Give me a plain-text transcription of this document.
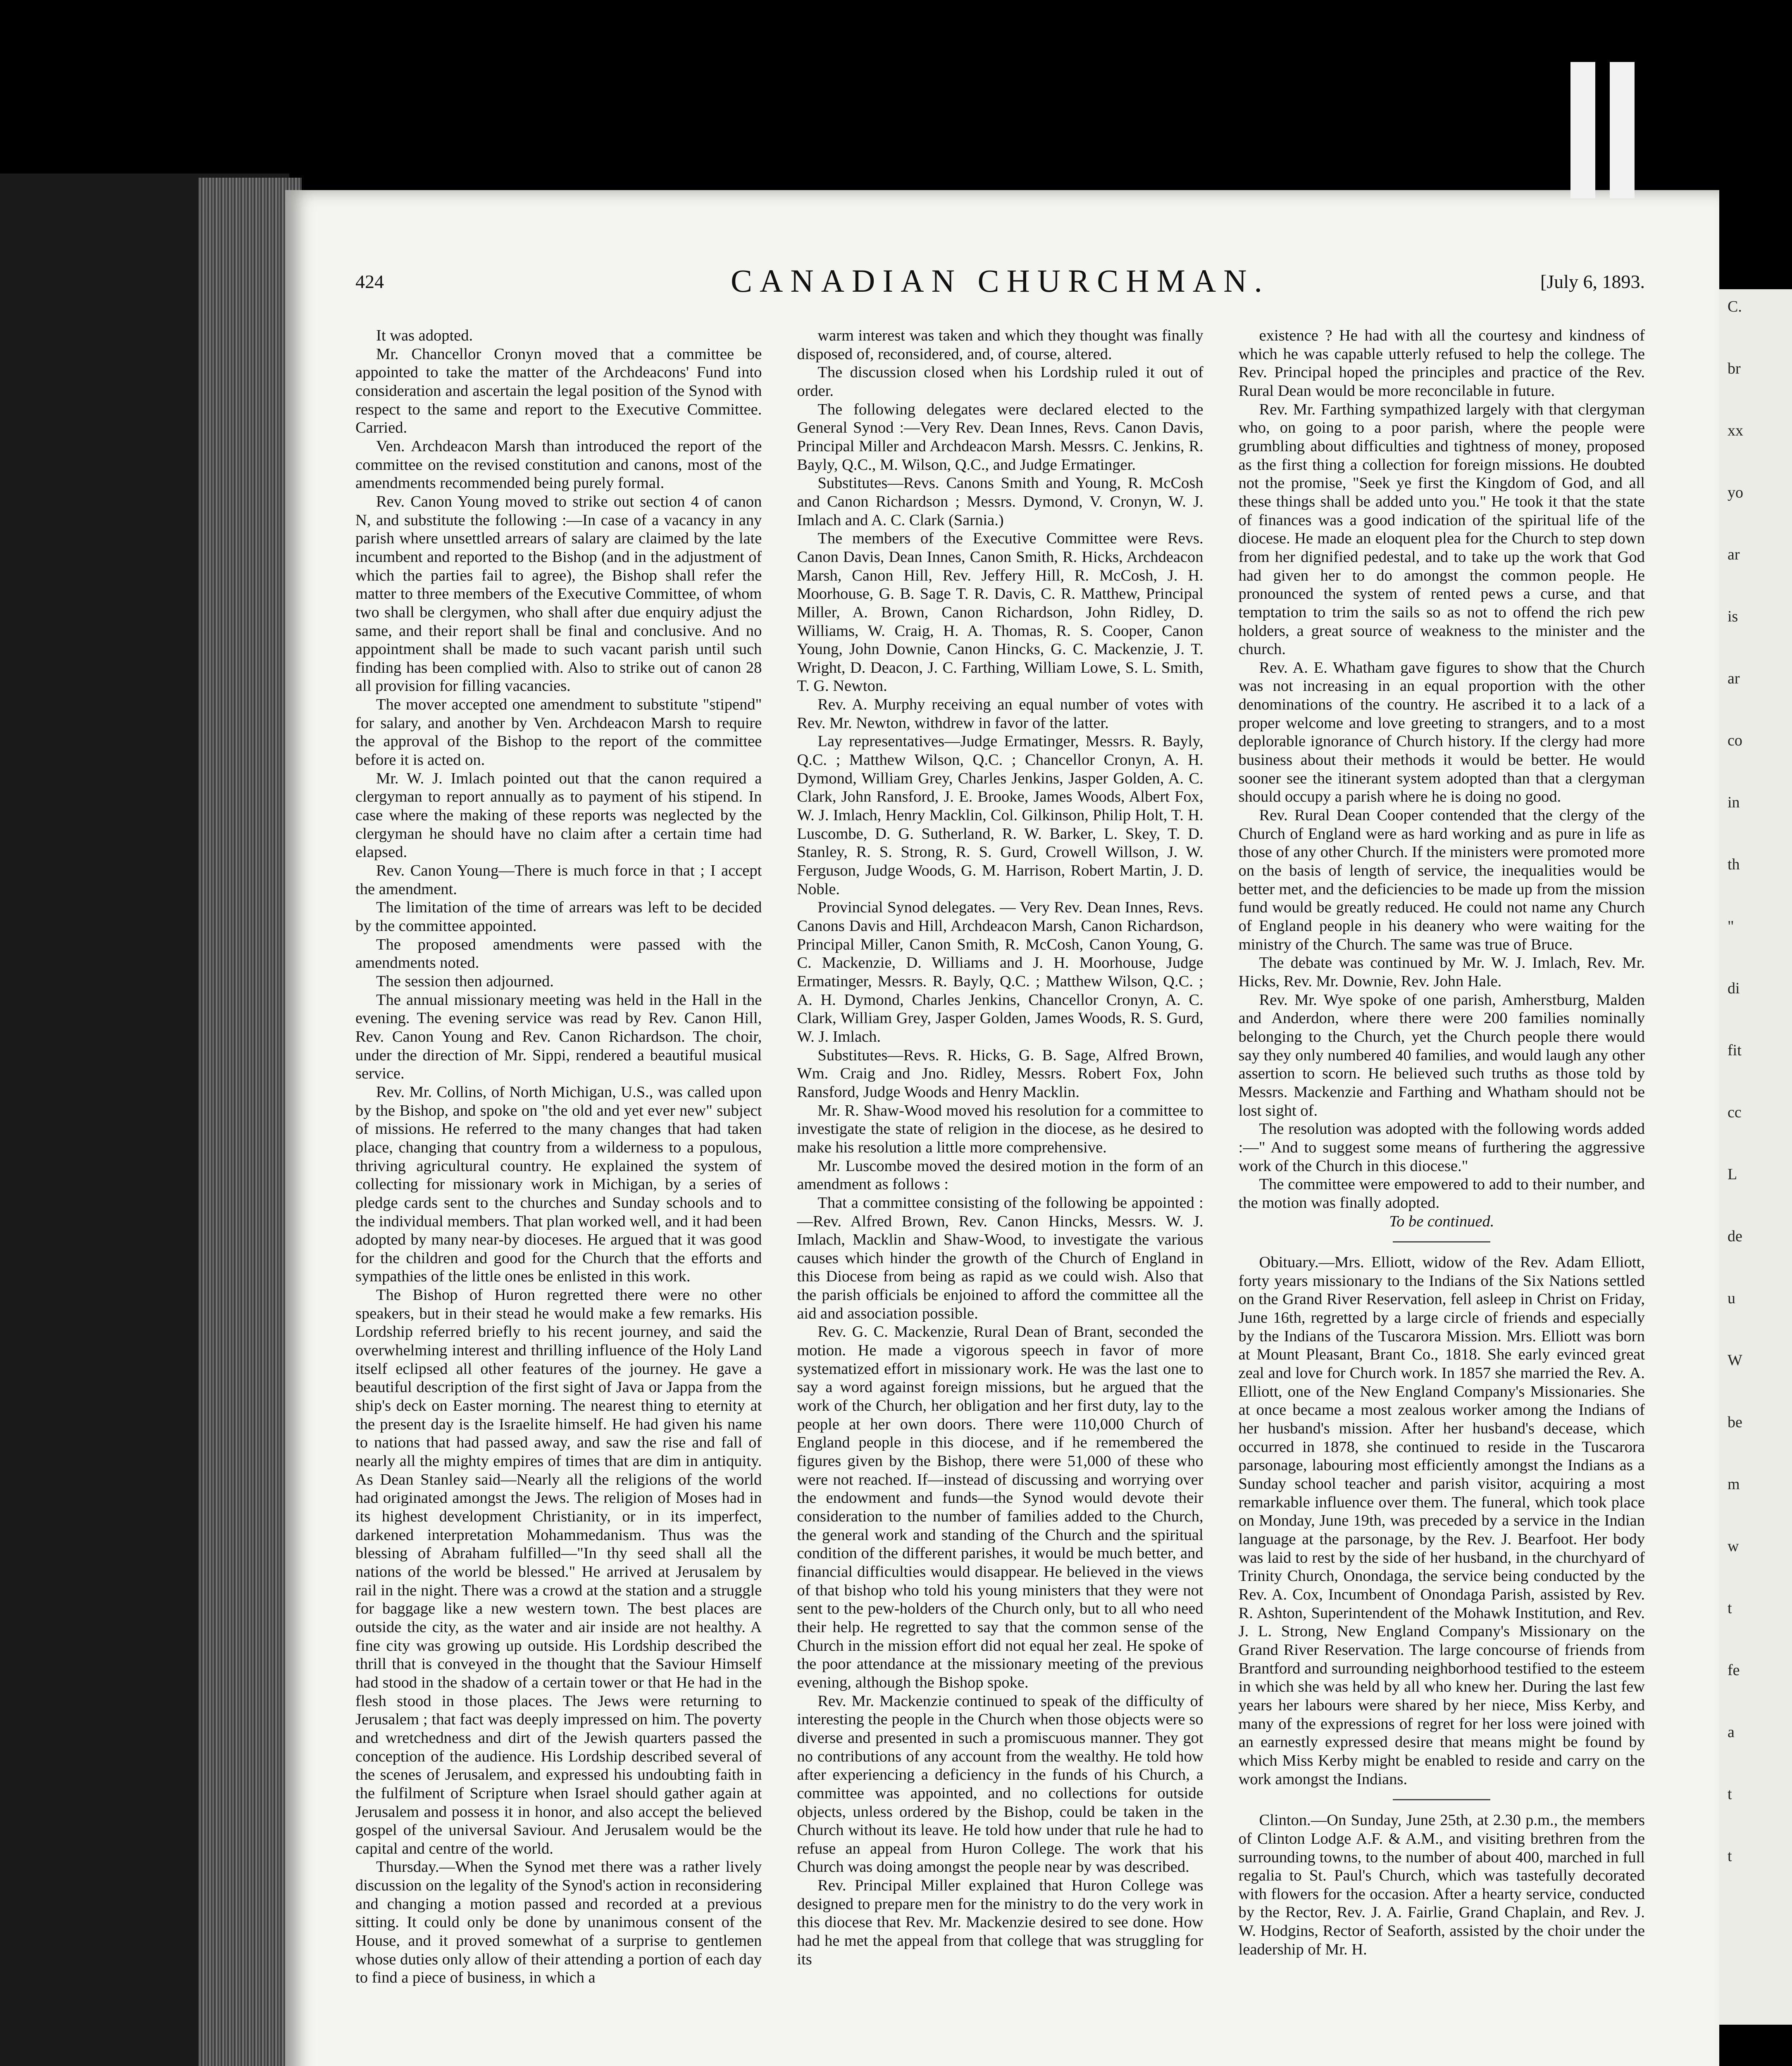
424	CANADIAN CHURCHMAN.	[July 6, 1893.

It was adopted.

Mr. Chancellor Cronyn moved that a committee be appointed to take the matter of the Archdeacons' Fund into consideration and ascertain the legal position of the Synod with respect to the same and report to the Executive Committee. Carried.

Ven. Archdeacon Marsh than introduced the report of the committee on the revised constitution and canons, most of the amendments recommended being purely formal.

Rev. Canon Young moved to strike out section 4 of canon N, and substitute the following :—In case of a vacancy in any parish where unsettled arrears of salary are claimed by the late incumbent and reported to the Bishop (and in the adjustment of which the parties fail to agree), the Bishop shall refer the matter to three members of the Executive Committee, of whom two shall be clergymen, who shall after due enquiry adjust the same, and their report shall be final and conclusive. And no appointment shall be made to such vacant parish until such finding has been complied with. Also to strike out of canon 28 all provision for filling vacancies.

The mover accepted one amendment to substitute "stipend" for salary, and another by Ven. Archdeacon Marsh to require the approval of the Bishop to the report of the committee before it is acted on.

Mr. W. J. Imlach pointed out that the canon required a clergyman to report annually as to payment of his stipend. In case where the making of these reports was neglected by the clergyman he should have no claim after a certain time had elapsed.

Rev. Canon Young—There is much force in that ; I accept the amendment.

The limitation of the time of arrears was left to be decided by the committee appointed.

The proposed amendments were passed with the amendments noted.

The session then adjourned.

The annual missionary meeting was held in the Hall in the evening. The evening service was read by Rev. Canon Hill, Rev. Canon Young and Rev. Canon Richardson. The choir, under the direction of Mr. Sippi, rendered a beautiful musical service.

Rev. Mr. Collins, of North Michigan, U.S., was called upon by the Bishop, and spoke on "the old and yet ever new" subject of missions. He referred to the many changes that had taken place, changing that country from a wilderness to a populous, thriving agricultural country. He explained the system of collecting for missionary work in Michigan, by a series of pledge cards sent to the churches and Sunday schools and to the individual members. That plan worked well, and it had been adopted by many near-by dioceses. He argued that it was good for the children and good for the Church that the efforts and sympathies of the little ones be enlisted in this work.

The Bishop of Huron regretted there were no other speakers, but in their stead he would make a few remarks. His Lordship referred briefly to his recent journey, and said the overwhelming interest and thrilling influence of the Holy Land itself eclipsed all other features of the journey. He gave a beautiful description of the first sight of Java or Jappa from the ship's deck on Easter morning. The nearest thing to eternity at the present day is the Israelite himself. He had given his name to nations that had passed away, and saw the rise and fall of nearly all the mighty empires of times that are dim in antiquity. As Dean Stanley said—Nearly all the religions of the world had originated amongst the Jews. The religion of Moses had in its highest development Christianity, or in its imperfect, darkened interpretation Mohammedanism. Thus was the blessing of Abraham fulfilled—"In thy seed shall all the nations of the world be blessed." He arrived at Jerusalem by rail in the night. There was a crowd at the station and a struggle for baggage like a new western town. The best places are outside the city, as the water and air inside are not healthy. A fine city was growing up outside. His Lordship described the thrill that is conveyed in the thought that the Saviour Himself had stood in the shadow of a certain tower or that He had in the flesh stood in those places. The Jews were returning to Jerusalem ; that fact was deeply impressed on him. The poverty and wretchedness and dirt of the Jewish quarters passed the conception of the audience. His Lordship described several of the scenes of Jerusalem, and expressed his undoubting faith in the fulfilment of Scripture when Israel should gather again at Jerusalem and possess it in honor, and also accept the believed gospel of the universal Saviour. And Jerusalem would be the capital and centre of the world.

Thursday.—When the Synod met there was a rather lively discussion on the legality of the Synod's action in reconsidering and changing a motion passed and recorded at a previous sitting. It could only be done by unanimous consent of the House, and it proved somewhat of a surprise to gentlemen whose duties only allow of their attending a portion of each day to find a piece of business, in which a

warm interest was taken and which they thought was finally disposed of, reconsidered, and, of course, altered.

The discussion closed when his Lordship ruled it out of order.

The following delegates were declared elected to the General Synod :—Very Rev. Dean Innes, Revs. Canon Davis, Principal Miller and Archdeacon Marsh. Messrs. C. Jenkins, R. Bayly, Q.C., M. Wilson, Q.C., and Judge Ermatinger.

Substitutes—Revs. Canons Smith and Young, R. McCosh and Canon Richardson ; Messrs. Dymond, V. Cronyn, W. J. Imlach and A. C. Clark (Sarnia.)

The members of the Executive Committee were Revs. Canon Davis, Dean Innes, Canon Smith, R. Hicks, Archdeacon Marsh, Canon Hill, Rev. Jeffery Hill, R. McCosh, J. H. Moorhouse, G. B. Sage T. R. Davis, C. R. Matthew, Principal Miller, A. Brown, Canon Richardson, John Ridley, D. Williams, W. Craig, H. A. Thomas, R. S. Cooper, Canon Young, John Downie, Canon Hincks, G. C. Mackenzie, J. T. Wright, D. Deacon, J. C. Farthing, William Lowe, S. L. Smith, T. G. Newton.

Rev. A. Murphy receiving an equal number of votes with Rev. Mr. Newton, withdrew in favor of the latter.

Lay representatives—Judge Ermatinger, Messrs. R. Bayly, Q.C. ; Matthew Wilson, Q.C. ; Chancellor Cronyn, A. H. Dymond, William Grey, Charles Jenkins, Jasper Golden, A. C. Clark, John Ransford, J. E. Brooke, James Woods, Albert Fox, W. J. Imlach, Henry Macklin, Col. Gilkinson, Philip Holt, T. H. Luscombe, D. G. Sutherland, R. W. Barker, L. Skey, T. D. Stanley, R. S. Strong, R. S. Gurd, Crowell Willson, J. W. Ferguson, Judge Woods, G. M. Harrison, Robert Martin, J. D. Noble.

Provincial Synod delegates. — Very Rev. Dean Innes, Revs. Canons Davis and Hill, Archdeacon Marsh, Canon Richardson, Principal Miller, Canon Smith, R. McCosh, Canon Young, G. C. Mackenzie, D. Williams and J. H. Moorhouse, Judge Ermatinger, Messrs. R. Bayly, Q.C. ; Matthew Wilson, Q.C. ; A. H. Dymond, Charles Jenkins, Chancellor Cronyn, A. C. Clark, William Grey, Jasper Golden, James Woods, R. S. Gurd, W. J. Imlach.

Substitutes—Revs. R. Hicks, G. B. Sage, Alfred Brown, Wm. Craig and Jno. Ridley, Messrs. Robert Fox, John Ransford, Judge Woods and Henry Macklin.

Mr. R. Shaw-Wood moved his resolution for a committee to investigate the state of religion in the diocese, as he desired to make his resolution a little more comprehensive.

Mr. Luscombe moved the desired motion in the form of an amendment as follows :

That a committee consisting of the following be appointed :—Rev. Alfred Brown, Rev. Canon Hincks, Messrs. W. J. Imlach, Macklin and Shaw-Wood, to investigate the various causes which hinder the growth of the Church of England in this Diocese from being as rapid as we could wish. Also that the parish officials be enjoined to afford the committee all the aid and association possible.

Rev. G. C. Mackenzie, Rural Dean of Brant, seconded the motion. He made a vigorous speech in favor of more systematized effort in missionary work. He was the last one to say a word against foreign missions, but he argued that the work of the Church, her obligation and her first duty, lay to the people at her own doors. There were 110,000 Church of England people in this diocese, and if he remembered the figures given by the Bishop, there were 51,000 of these who were not reached. If—instead of discussing and worrying over the endowment and funds—the Synod would devote their consideration to the number of families added to the Church, the general work and standing of the Church and the spiritual condition of the different parishes, it would be much better, and financial difficulties would disappear. He believed in the views of that bishop who told his young ministers that they were not sent to the pew-holders of the Church only, but to all who need their help. He regretted to say that the common sense of the Church in the mission effort did not equal her zeal. He spoke of the poor attendance at the missionary meeting of the previous evening, although the Bishop spoke.

Rev. Mr. Mackenzie continued to speak of the difficulty of interesting the people in the Church when those objects were so diverse and presented in such a promiscuous manner. They got no contributions of any account from the wealthy. He told how after experiencing a deficiency in the funds of his Church, a committee was appointed, and no collections for outside objects, unless ordered by the Bishop, could be taken in the Church without its leave. He told how under that rule he had to refuse an appeal from Huron College. The work that his Church was doing amongst the people near by was described.

Rev. Principal Miller explained that Huron College was designed to prepare men for the ministry to do the very work in this diocese that Rev. Mr. Mackenzie desired to see done. How had he met the appeal from that college that was struggling for its

existence ? He had with all the courtesy and kindness of which he was capable utterly refused to help the college. The Rev. Principal hoped the principles and practice of the Rev. Rural Dean would be more reconcilable in future.

Rev. Mr. Farthing sympathized largely with that clergyman who, on going to a poor parish, where the people were grumbling about difficulties and tightness of money, proposed as the first thing a collection for foreign missions. He doubted not the promise, "Seek ye first the Kingdom of God, and all these things shall be added unto you." He took it that the state of finances was a good indication of the spiritual life of the diocese. He made an eloquent plea for the Church to step down from her dignified pedestal, and to take up the work that God had given her to do amongst the common people. He pronounced the system of rented pews a curse, and that temptation to trim the sails so as not to offend the rich pew holders, a great source of weakness to the minister and the church.

Rev. A. E. Whatham gave figures to show that the Church was not increasing in an equal proportion with the other denominations of the country. He ascribed it to a lack of a proper welcome and love greeting to strangers, and to a most deplorable ignorance of Church history. If the clergy had more business about their methods it would be better. He would sooner see the itinerant system adopted than that a clergyman should occupy a parish where he is doing no good.

Rev. Rural Dean Cooper contended that the clergy of the Church of England were as hard working and as pure in life as those of any other Church. If the ministers were promoted more on the basis of length of service, the inequalities would be better met, and the deficiencies to be made up from the mission fund would be greatly reduced. He could not name any Church of England people in his deanery who were waiting for the ministry of the Church. The same was true of Bruce.

The debate was continued by Mr. W. J. Imlach, Rev. Mr. Hicks, Rev. Mr. Downie, Rev. John Hale.

Rev. Mr. Wye spoke of one parish, Amherstburg, Malden and Anderdon, where there were 200 families nominally belonging to the Church, yet the Church people there would say they only numbered 40 families, and would laugh any other assertion to scorn. He believed such truths as those told by Messrs. Mackenzie and Farthing and Whatham should not be lost sight of.

The resolution was adopted with the following words added :—" And to suggest some means of furthering the aggressive work of the Church in this diocese."

The committee were empowered to add to their number, and the motion was finally adopted.

To be continued.

Obituary.—Mrs. Elliott, widow of the Rev. Adam Elliott, forty years missionary to the Indians of the Six Nations settled on the Grand River Reservation, fell asleep in Christ on Friday, June 16th, regretted by a large circle of friends and especially by the Indians of the Tuscarora Mission. Mrs. Elliott was born at Mount Pleasant, Brant Co., 1818. She early evinced great zeal and love for Church work. In 1857 she married the Rev. A. Elliott, one of the New England Company's Missionaries. She at once became a most zealous worker among the Indians of her husband's mission. After her husband's decease, which occurred in 1878, she continued to reside in the Tuscarora parsonage, labouring most efficiently amongst the Indians as a Sunday school teacher and parish visitor, acquiring a most remarkable influence over them. The funeral, which took place on Monday, June 19th, was preceded by a service in the Indian language at the parsonage, by the Rev. J. Bearfoot. Her body was laid to rest by the side of her husband, in the churchyard of Trinity Church, Onondaga, the service being conducted by the Rev. A. Cox, Incumbent of Onondaga Parish, assisted by Rev. R. Ashton, Superintendent of the Mohawk Institution, and Rev. J. L. Strong, New England Company's Missionary on the Grand River Reservation. The large concourse of friends from Brantford and surrounding neighborhood testified to the esteem in which she was held by all who knew her. During the last few years her labours were shared by her niece, Miss Kerby, and many of the expressions of regret for her loss were joined with an earnestly expressed desire that means might be found by which Miss Kerby might be enabled to reside and carry on the work amongst the Indians.

Clinton.—On Sunday, June 25th, at 2.30 p.m., the members of Clinton Lodge A.F. & A.M., and visiting brethren from the surrounding towns, to the number of about 400, marched in full regalia to St. Paul's Church, which was tastefully decorated with flowers for the occasion. After a hearty service, conducted by the Rector, Rev. J. A. Fairlie, Grand Chaplain, and Rev. J. W. Hodgins, Rector of Seaforth, assisted by the choir under the leadership of Mr. H.

C.
br
xx
yo
ar
is
ar
co
in
th
"
di
fit
cc
L
de
u
W
be
m
w
t
fe
a
t
t
